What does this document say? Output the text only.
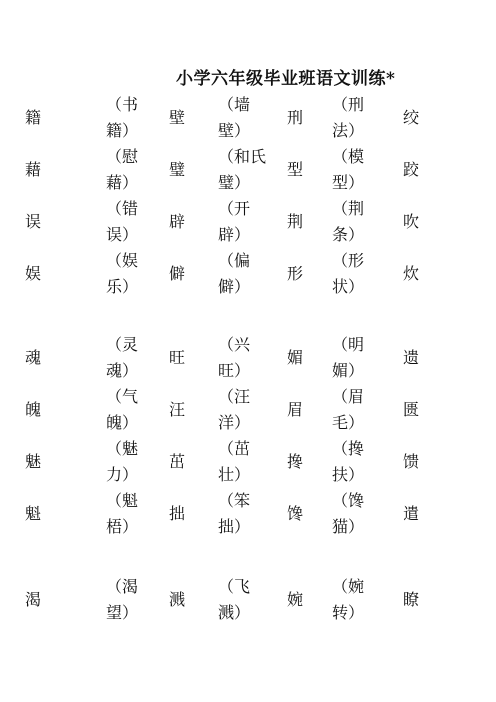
小学六年级毕业班语文训练*
籍
（书
籍）
壁
（墙
壁）
刑
（刑
法）
绞
藉
（慰
藉）
璧
（和氏
璧）
型
（模
型）
跤
误
（错
误）
辟
（开
辟）
荆
（荆
条）
吹
娱
（娱
乐）
僻
（偏
僻）
形
（形
状）
炊
魂
（灵
魂）
旺
（兴
旺）
媚
（明
媚）
遗
魄
（气
魄）
汪
（汪
洋）
眉
（眉
毛）
匮
魅
（魅
力）
茁
（茁
壮）
搀
（搀
扶）
馈
魁
（魁
梧）
拙
（笨
拙）
馋
（馋
猫）
遣
渴
（渴
望）
溅
（飞
溅）
婉
（婉
转）
瞭
